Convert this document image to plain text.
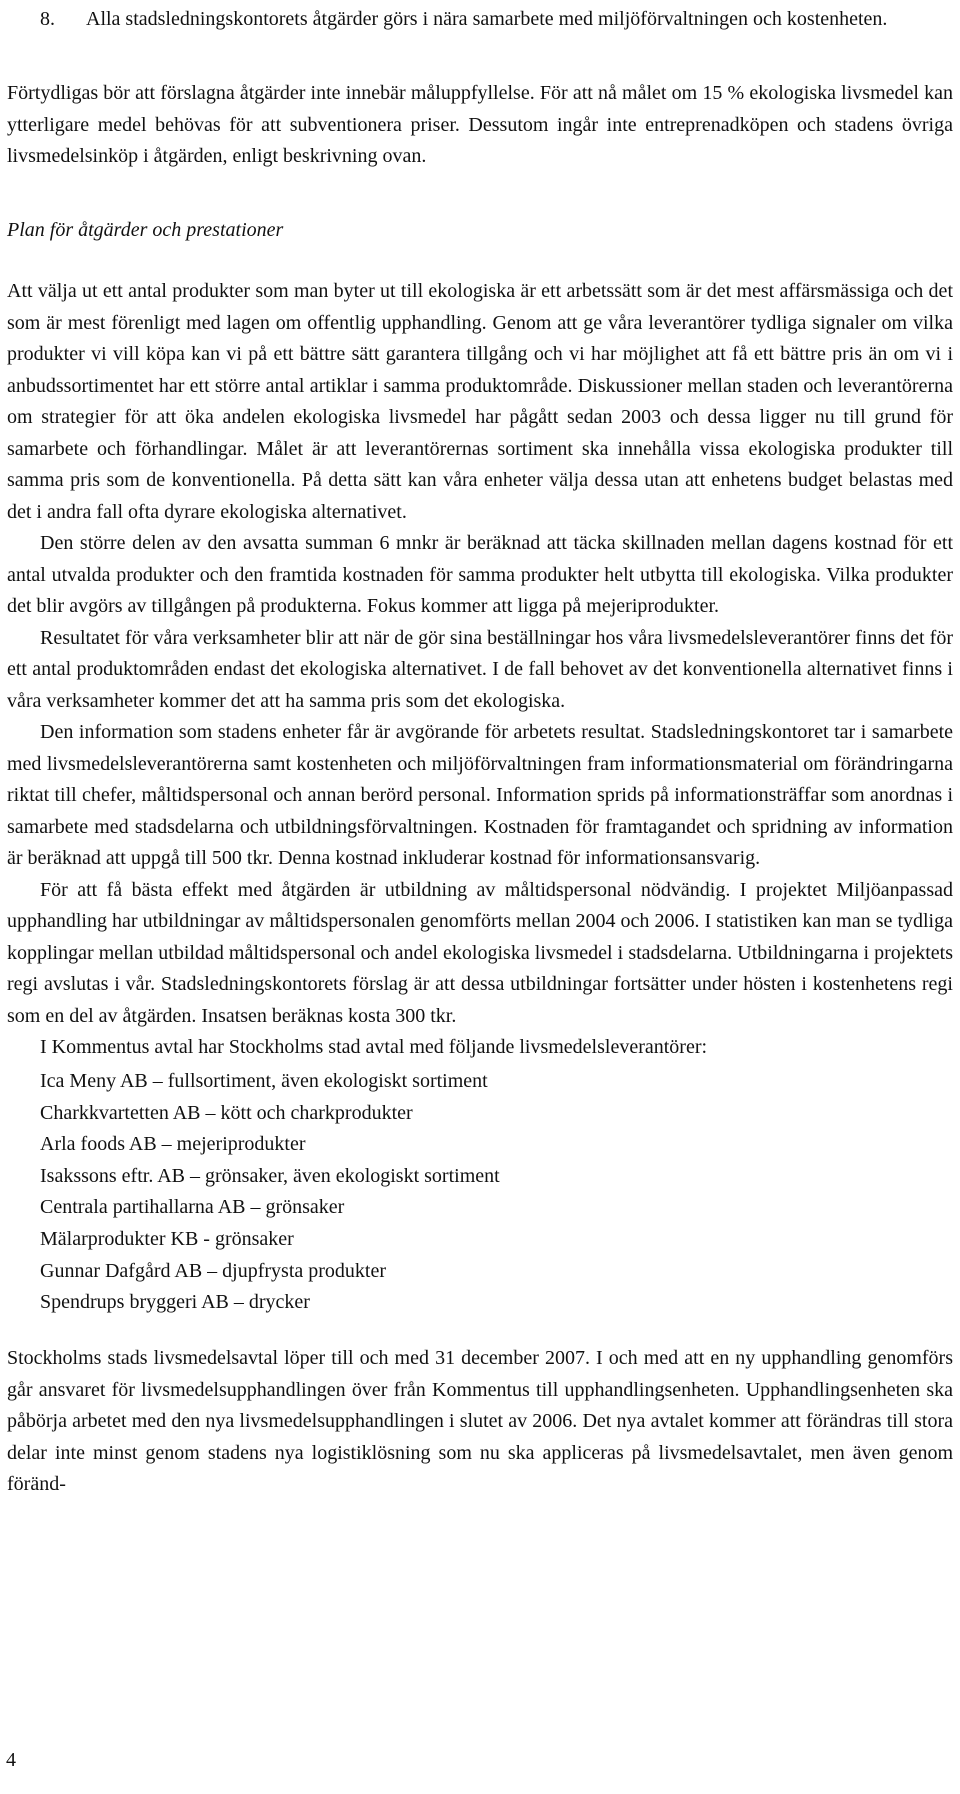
8. Alla stadsledningskontorets åtgärder görs i nära samarbete med miljöförvaltningen och kostenheten.

Förtydligas bör att förslagna åtgärder inte innebär måluppfyllelse. För att nå målet om 15 % ekologiska livsmedel kan ytterligare medel behövas för att subventionera priser. Dessutom ingår inte entreprenadköpen och stadens övriga livsmedelsinköp i åtgärden, enligt beskrivning ovan.

Plan för åtgärder och prestationer

Att välja ut ett antal produkter som man byter ut till ekologiska är ett arbetssätt som är det mest affärsmässiga och det som är mest förenligt med lagen om offentlig upphandling. Genom att ge våra leverantörer tydliga signaler om vilka produkter vi vill köpa kan vi på ett bättre sätt garantera tillgång och vi har möjlighet att få ett bättre pris än om vi i anbudssortimentet har ett större antal artiklar i samma produktområde. Diskussioner mellan staden och leverantörerna om strategier för att öka andelen ekologiska livsmedel har pågått sedan 2003 och dessa ligger nu till grund för samarbete och förhandlingar. Målet är att leverantörernas sortiment ska innehålla vissa ekologiska produkter till samma pris som de konventionella. På detta sätt kan våra enheter välja dessa utan att enhetens budget belastas med det i andra fall ofta dyrare ekologiska alternativet.

Den större delen av den avsatta summan 6 mnkr är beräknad att täcka skillnaden mellan dagens kostnad för ett antal utvalda produkter och den framtida kostnaden för samma produkter helt utbytta till ekologiska. Vilka produkter det blir avgörs av tillgången på produkterna. Fokus kommer att ligga på mejeriprodukter.

Resultatet för våra verksamheter blir att när de gör sina beställningar hos våra livsmedelsleverantörer finns det för ett antal produktområden endast det ekologiska alternativet. I de fall behovet av det konventionella alternativet finns i våra verksamheter kommer det att ha samma pris som det ekologiska.

Den information som stadens enheter får är avgörande för arbetets resultat. Stadsledningskontoret tar i samarbete med livsmedelsleverantörerna samt kostenheten och miljöförvaltningen fram informationsmaterial om förändringarna riktat till chefer, måltidspersonal och annan berörd personal. Information sprids på informationsträffar som anordnas i samarbete med stadsdelarna och utbildningsförvaltningen. Kostnaden för framtagandet och spridning av information är beräknad att uppgå till 500 tkr. Denna kostnad inkluderar kostnad för informationsansvarig.

För att få bästa effekt med åtgärden är utbildning av måltidspersonal nödvändig. I projektet Miljöanpassad upphandling har utbildningar av måltidspersonalen genomförts mellan 2004 och 2006. I statistiken kan man se tydliga kopplingar mellan utbildad måltidspersonal och andel ekologiska livsmedel i stadsdelarna. Utbildningarna i projektets regi avslutas i vår. Stadsledningskontorets förslag är att dessa utbildningar fortsätter under hösten i kostenhetens regi som en del av åtgärden. Insatsen beräknas kosta 300 tkr.

I Kommentus avtal har Stockholms stad avtal med följande livsmedelsleverantörer:

Ica Meny AB – fullsortiment, även ekologiskt sortiment
Charkkvartetten AB – kött och charkprodukter
Arla foods AB – mejeriprodukter
Isakssons eftr. AB – grönsaker, även ekologiskt sortiment
Centrala partihallarna AB – grönsaker
Mälarprodukter KB - grönsaker
Gunnar Dafgård AB – djupfrysta produkter
Spendrups bryggeri AB – drycker

Stockholms stads livsmedelsavtal löper till och med 31 december 2007. I och med att en ny upphandling genomförs går ansvaret för livsmedelsupphandlingen över från Kommentus till upphandlingsenheten. Upphandlingsenheten ska påbörja arbetet med den nya livsmedelsupphandlingen i slutet av 2006. Det nya avtalet kommer att förändras till stora delar inte minst genom stadens nya logistiklösning som nu ska appliceras på livsmedelsavtalet, men även genom föränd-

4
